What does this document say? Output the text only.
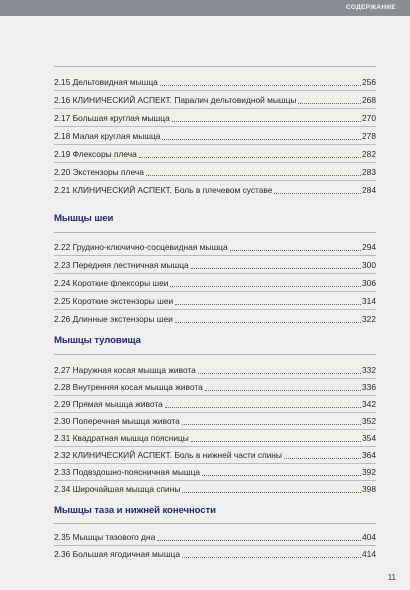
СОДЕРЖАНИЕ
2.15 Дельтовидная мышца	256
2.16 КЛИНИЧЕСКИЙ АСПЕКТ. Паралич дельтовидной мышцы	268
2.17 Большая круглая мышца	270
2.18 Малая круглая мышца	278
2.19 Флексоры плеча	282
2.20 Экстензоры плеча	283
2.21 КЛИНИЧЕСКИЙ АСПЕКТ. Боль в плечевом суставе	284
2.22 Грудино-ключично-сосцевидная мышца	294
2.23 Передняя лестничная мышца	300
2.24 Короткие флексоры шеи	306
2.25 Короткие экстензоры шеи	314
2.26 Длинные экстензоры шеи	322
2.27 Наружная косая мышца живота	332
2.28 Внутренняя косая мышца живота	336
2.29 Прямая мышца живота	342
2.30 Поперечная мышца живота	352
2.31 Квадратная мышца поясницы	354
2.32 КЛИНИЧЕСКИЙ АСПЕКТ. Боль в нижней части спины	364
2.33 Подвздошно-поясничная мышца	392
2.34 Широчайшая мышца спины	398
2.35 Мышцы тазового дна	404
2.36 Большая ягодичная мышца	414
Мышцы шеи
Мышцы туловища
Мышцы таза и нижней конечности
11
